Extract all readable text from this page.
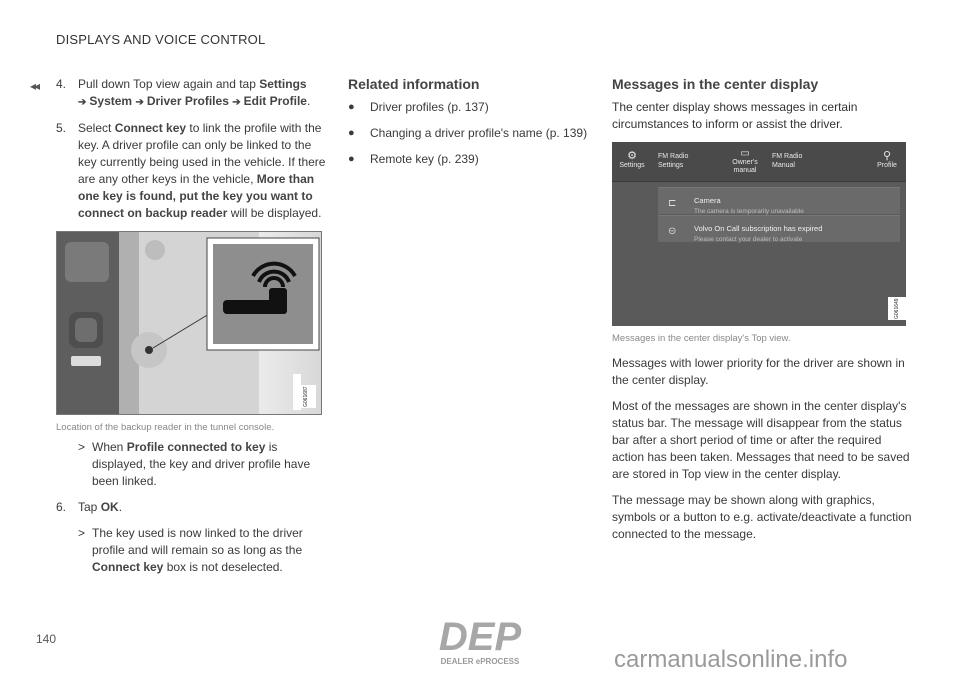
DISPLAYS AND VOICE CONTROL
◂◂ 4. Pull down Top view again and tap Settings
➔ System ➔ Driver Profiles ➔ Edit Profile.
5. Select Connect key to link the profile with the key. A driver profile can only be linked to the key currently being used in the vehicle. If there are any other keys in the vehicle, More than one key is found, put the key you want to connect on backup reader will be displayed.
G061687
Location of the backup reader in the tunnel console.
> When Profile connected to key is displayed, the key and driver profile have been linked.
6. Tap OK.
> The key used is now linked to the driver profile and will remain so as long as the Connect key box is not deselected.
Related information
● Driver profiles (p. 137)
● Changing a driver profile's name (p. 139)
● Remote key (p. 239)
Messages in the center display
The center display shows messages in certain circumstances to inform or assist the driver.
⚙
Settings
FM Radio
Settings
▭
Owner's
manual
FM Radio
Manual
⚲
Profile
⊏ Camera
The camera is temporarily unavailable
⊝ Volvo On Call subscription has expired
Please contact your dealer to activate
G061649
Messages in the center display's Top view.
Messages with lower priority for the driver are shown in the center display.
Most of the messages are shown in the center display's status bar. The message will disappear from the status bar after a short period of time or after the required action has been taken. Messages that need to be saved are stored in Top view in the center display.
The message may be shown along with graphics, symbols or a button to e.g. activate/deactivate a function connected to the message.
140	DEP
DEALER ePROCESS	carmanualsonline.info
